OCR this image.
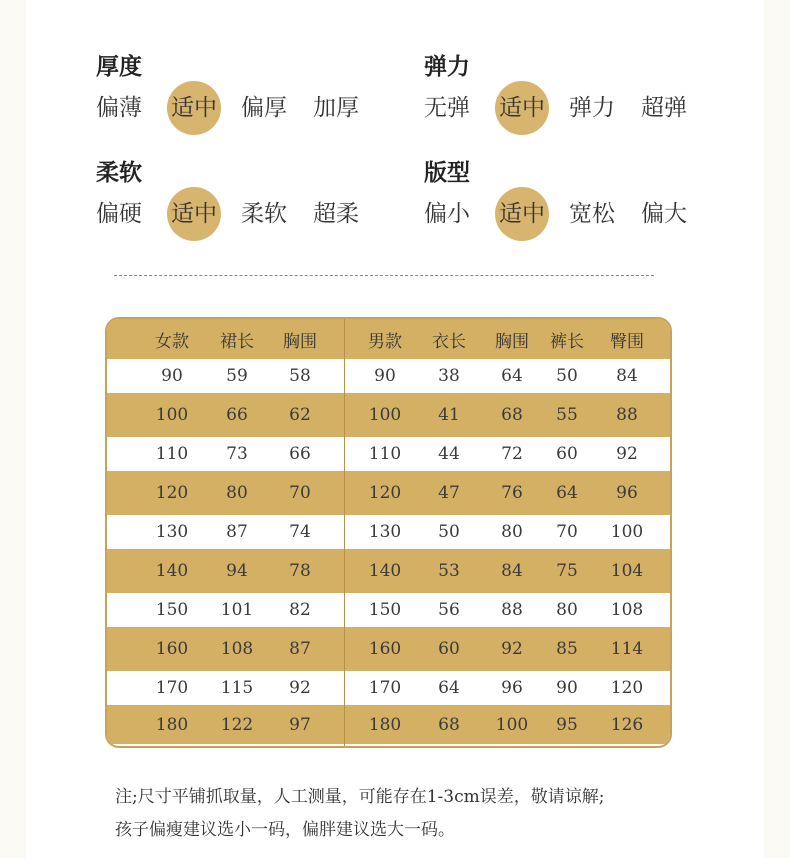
厚度
偏薄	适中	偏厚	加厚
弹力
无弹	适中	弹力	超弹
柔软
偏硬	适中	柔软	超柔
版型
偏小	适中	宽松	偏大
女款	裙长	胸围	男款	衣长	胸围	裤长	臀围
90	59	58	90	38	64	50	84
100	66	62	100	41	68	55	88
110	73	66	110	44	72	60	92
120	80	70	120	47	76	64	96
130	87	74	130	50	80	70	100
140	94	78	140	53	84	75	104
150	101	82	150	56	88	80	108
160	108	87	160	60	92	85	114
170	115	92	170	64	96	90	120
180	122	97	180	68	100	95	126
注;尺寸平铺抓取量，人工测量，可能存在1-3cm误差，敬请谅解;
孩子偏瘦建议选小一码，偏胖建议选大一码。
